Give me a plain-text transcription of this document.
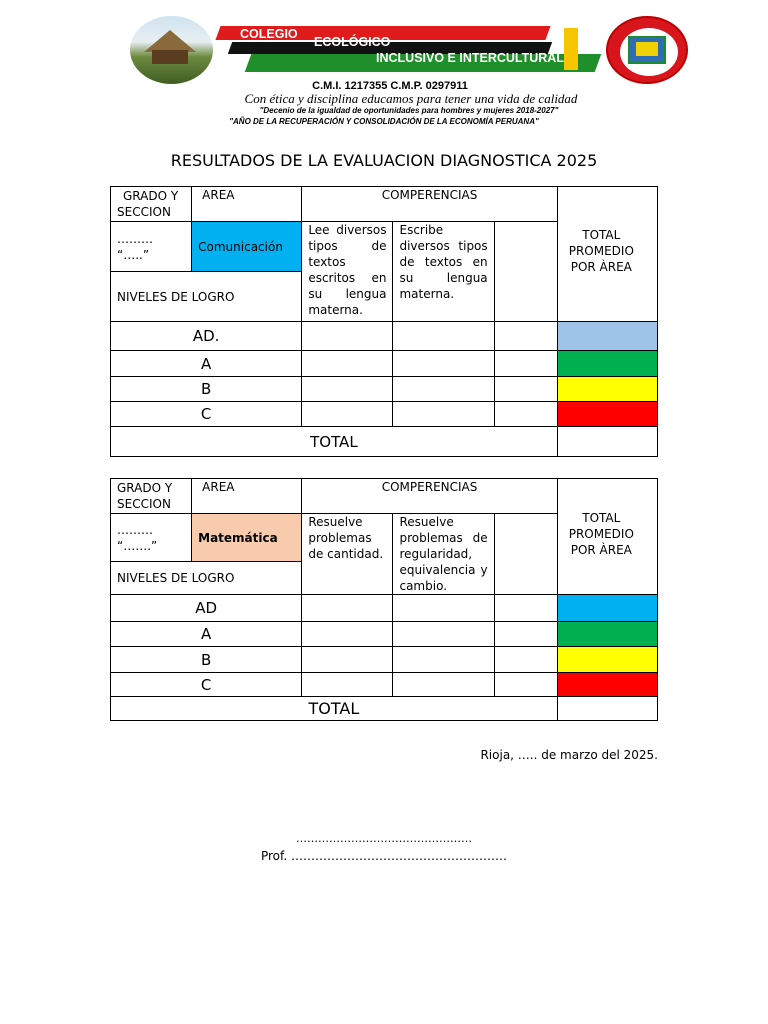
COLEGIO
ECOLÓGICO
INCLUSIVO E INTERCULTURAL
C.M.I. 1217355 C.M.P. 0297911
Con ética y disciplina educamos para tener una vida de calidad
"Decenio de la igualdad de oportunidades para hombres y mujeres 2018-2027"
"AÑO DE LA RECUPERACIÓN Y CONSOLIDACIÓN DE LA ECONOMÍA PERUANA"
RESULTADOS DE LA EVALUACION DIAGNOSTICA 2025
GRADO Y SECCION	AREA	COMPERENCIAS			TOTAL PROMEDIO POR ÀREA

……… “…..”	Comunicación	Lee diversos tipos de textos escritos en su lengua materna.	Escribe diversos tipos de textos en su lengua materna.		
NIVELES DE LOGRO					
AD.					
A					
B					
C					
TOTAL					
GRADO Y SECCION	AREA	COMPERENCIAS			TOTAL PROMEDIO POR ÀREA

……… “…….”	Matemática	Resuelve problemas de cantidad.	Resuelve problemas de regularidad, equivalencia y cambio.		
NIVELES DE LOGRO					
AD					
A					
B					
C					
TOTAL					
Rioja, ….. de marzo del 2025.
…………………………………………
Prof. ………………………………………………
